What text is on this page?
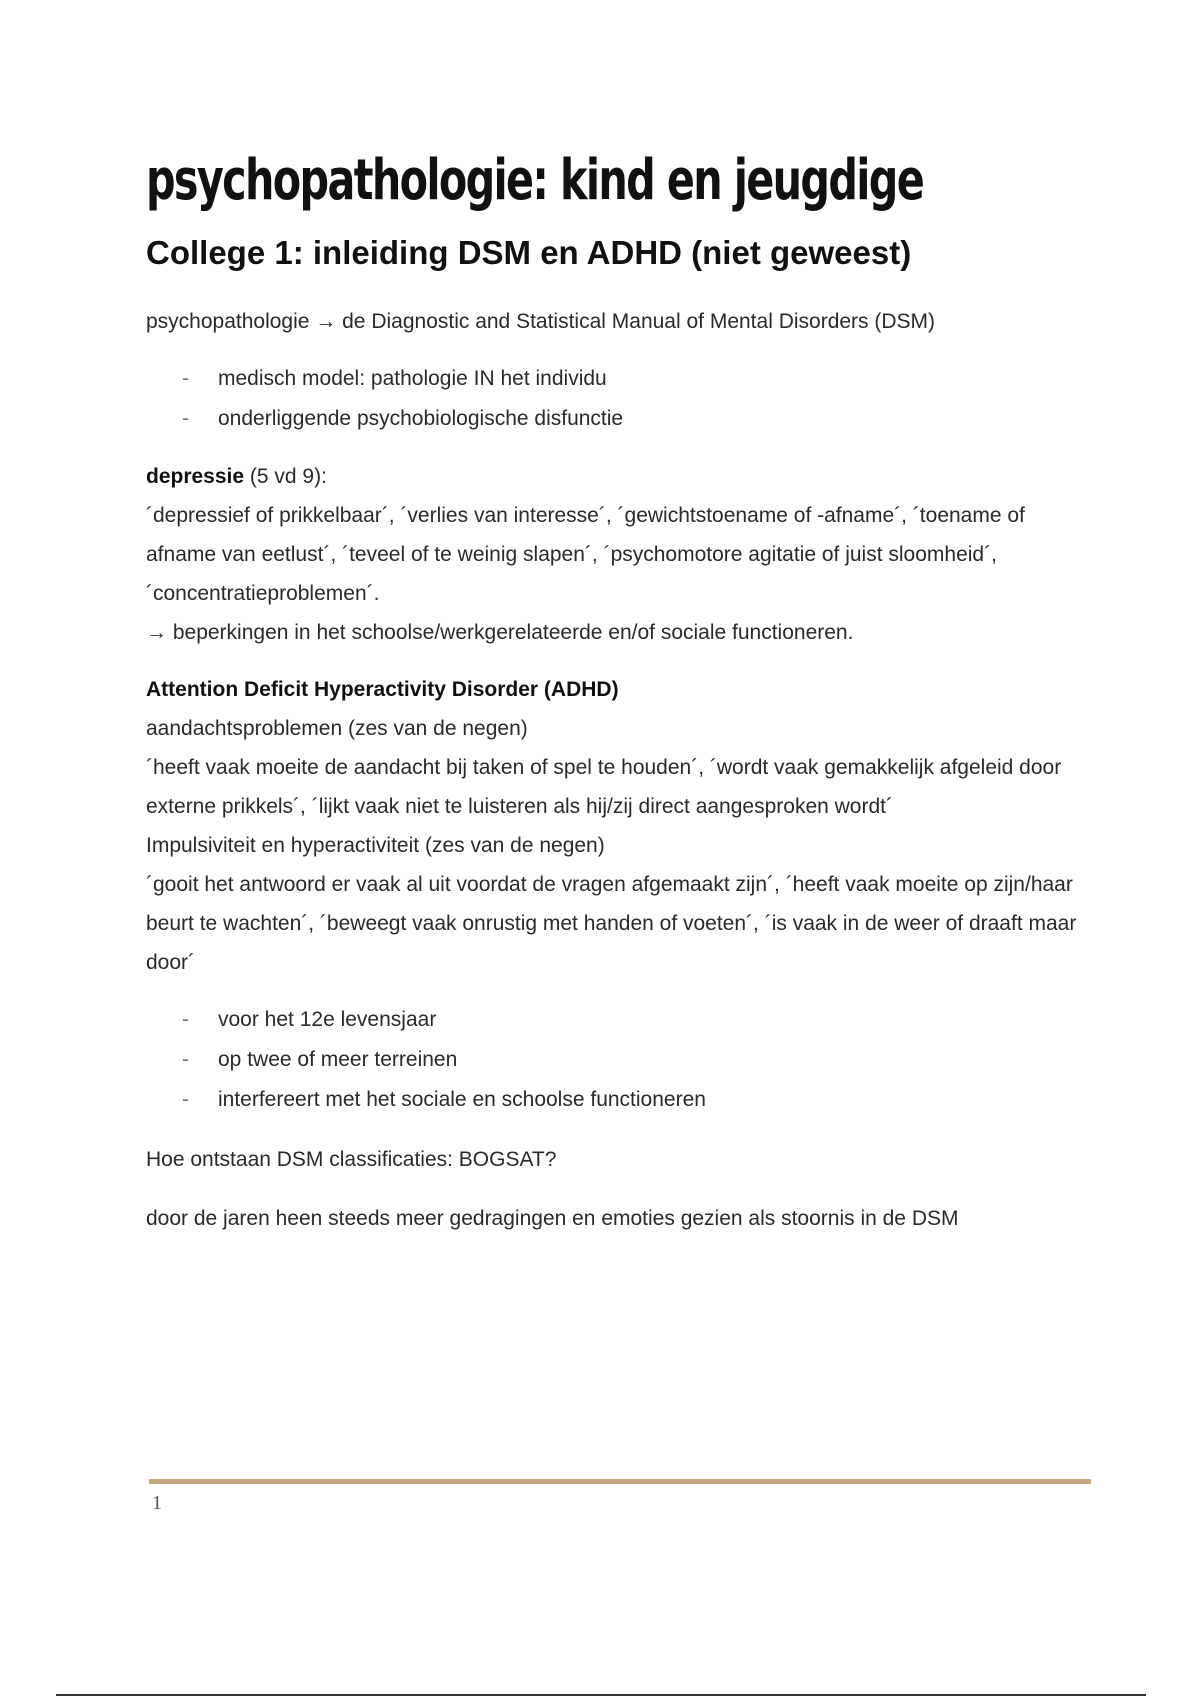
psychopathologie: kind en jeugdige
College 1: inleiding DSM en ADHD (niet geweest)

psychopathologie → de Diagnostic and Statistical Manual of Mental Disorders (DSM)

- medisch model: pathologie IN het individu
- onderliggende psychobiologische disfunctie

depressie (5 vd 9):

´depressief of prikkelbaar´, ´verlies van interesse´, ´gewichtstoename of -afname´, ´toename of afname van eetlust´, ´teveel of te weinig slapen´, ´psychomotore agitatie of juist sloomheid´, ´concentratieproblemen´.

→ beperkingen in het schoolse/werkgerelateerde en/of sociale functioneren.

Attention Deficit Hyperactivity Disorder (ADHD)

aandachtsproblemen (zes van de negen)

´heeft vaak moeite de aandacht bij taken of spel te houden´, ´wordt vaak gemakkelijk afgeleid door externe prikkels´, ´lijkt vaak niet te luisteren als hij/zij direct aangesproken wordt´

Impulsiviteit en hyperactiviteit (zes van de negen)

´gooit het antwoord er vaak al uit voordat de vragen afgemaakt zijn´, ´heeft vaak moeite op zijn/haar beurt te wachten´, ´beweegt vaak onrustig met handen of voeten´, ´is vaak in de weer of draaft maar door´

- voor het 12e levensjaar
- op twee of meer terreinen
- interfereert met het sociale en schoolse functioneren

Hoe ontstaan DSM classificaties: BOGSAT?

door de jaren heen steeds meer gedragingen en emoties gezien als stoornis in de DSM

1
